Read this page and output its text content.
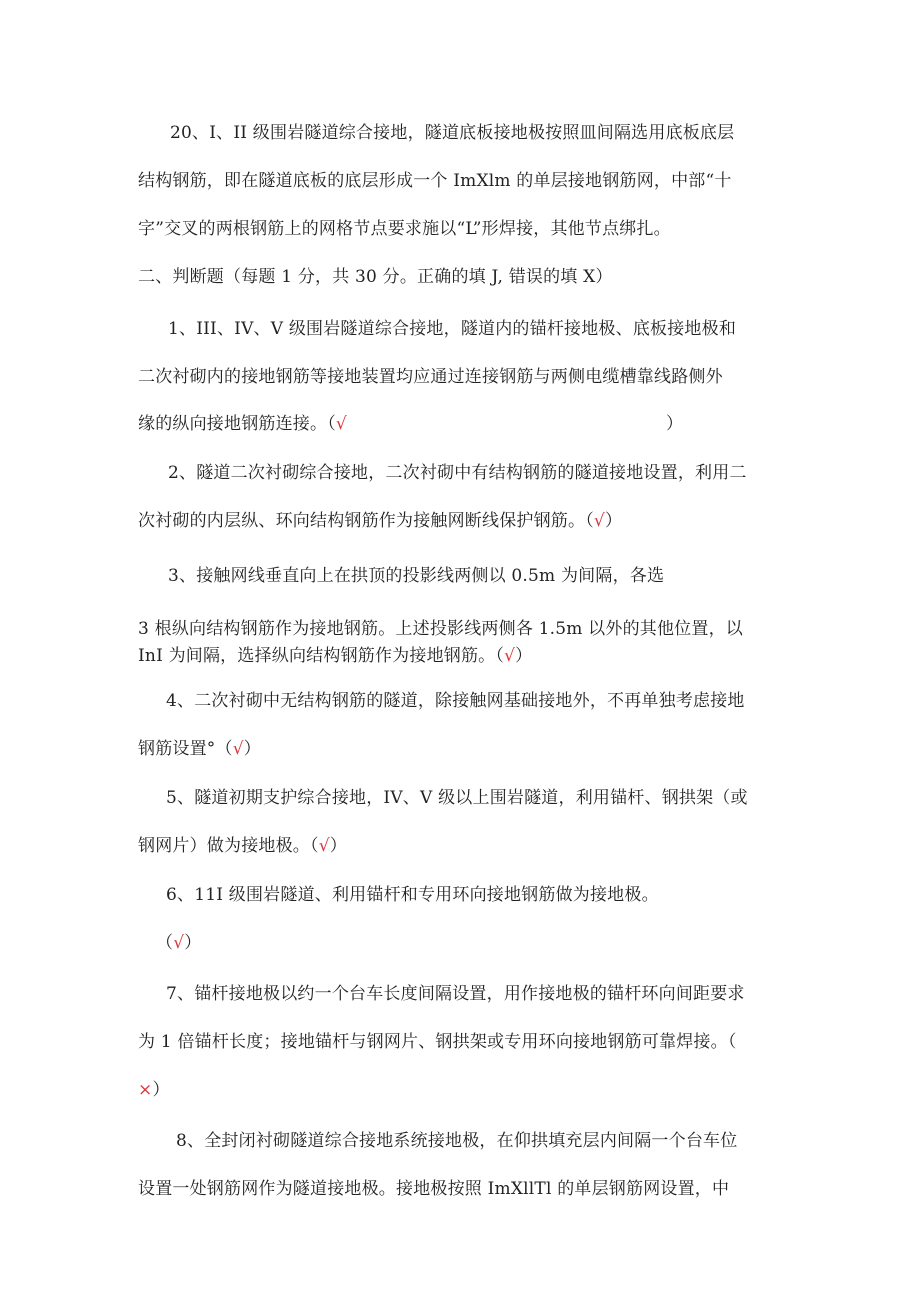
20、I、II 级围岩隧道综合接地，隧道底板接地极按照皿间隔选用底板底层
结构钢筋，即在隧道底板的底层形成一个 ImXlm 的单层接地钢筋网，中部“十
字”交叉的两根钢筋上的网格节点要求施以“L”形焊接，其他节点绑扎。
二、判断题（每题 1 分，共 30 分。正确的填 J, 错误的填 X）
1、III、IV、V 级围岩隧道综合接地，隧道内的锚杆接地极、底板接地极和
二次衬砌内的接地钢筋等接地装置均应通过连接钢筋与两侧电缆槽靠线路侧外
缘的纵向接地钢筋连接。（√	）
2、隧道二次衬砌综合接地，二次衬砌中有结构钢筋的隧道接地设置，利用二
次衬砌的内层纵、环向结构钢筋作为接触网断线保护钢筋。（√）
3、接触网线垂直向上在拱顶的投影线两侧以 0.5m 为间隔，各选
3 根纵向结构钢筋作为接地钢筋。上述投影线两侧各 1.5m 以外的其他位置，以
InI 为间隔，选择纵向结构钢筋作为接地钢筋。（√）
4、二次衬砌中无结构钢筋的隧道，除接触网基础接地外，不再单独考虑接地
钢筋设置°（√）
5、隧道初期支护综合接地，IV、V 级以上围岩隧道，利用锚杆、钢拱架（或
钢网片）做为接地极。（√）
6、11I 级围岩隧道、利用锚杆和专用环向接地钢筋做为接地极。
（√）
7、锚杆接地极以约一个台车长度间隔设置，用作接地极的锚杆环向间距要求
为 1 倍锚杆长度；接地锚杆与钢网片、钢拱架或专用环向接地钢筋可靠焊接。（
×）
8、全封闭衬砌隧道综合接地系统接地极，在仰拱填充层内间隔一个台车位
设置一处钢筋网作为隧道接地极。接地极按照 ImXllTl 的单层钢筋网设置，中
